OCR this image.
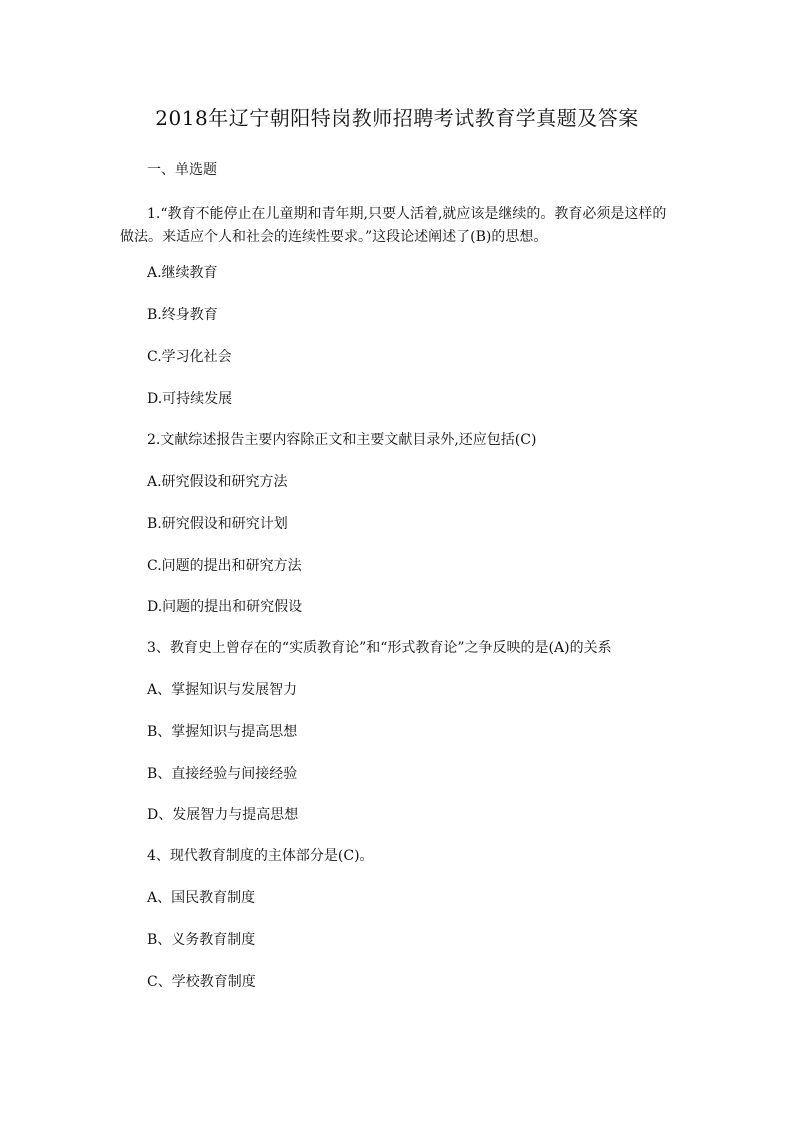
2018年辽宁朝阳特岗教师招聘考试教育学真题及答案
一、单选题
1.“教育不能停止在儿童期和青年期,只要人活着,就应该是继续的。教育必须是这样的做法。来适应个人和社会的连续性要求。”这段论述阐述了(B)的思想。
A.继续教育
B.终身教育
C.学习化社会
D.可持续发展
2.文献综述报告主要内容除正文和主要文献目录外,还应包括(C)
A.研究假设和研究方法
B.研究假设和研究计划
C.问题的提出和研究方法
D.问题的提出和研究假设
3、教育史上曾存在的“实质教育论”和“形式教育论”之争反映的是(A)的关系
A、掌握知识与发展智力
B、掌握知识与提高思想
B、直接经验与间接经验
D、发展智力与提高思想
4、现代教育制度的主体部分是(C)。
A、国民教育制度
B、义务教育制度
C、学校教育制度
